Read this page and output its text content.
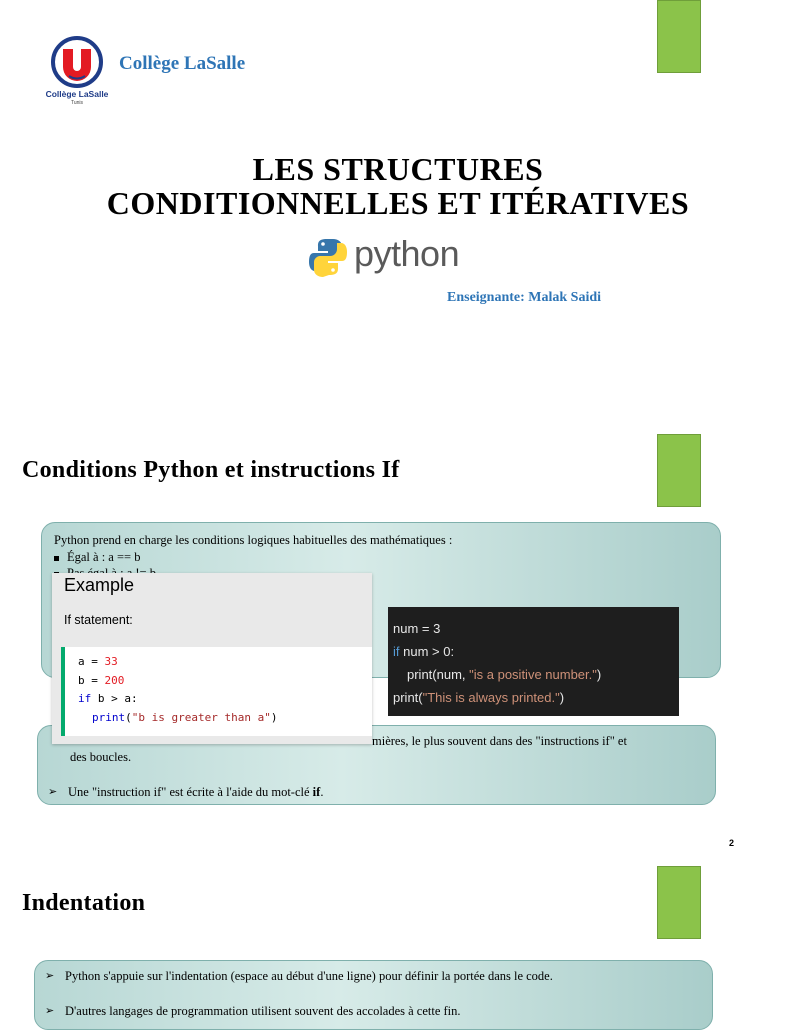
Collège LaSalle
Tunis
Collège LaSalle
LES STRUCTURES
CONDITIONNELLES ET ITÉRATIVES
python
Enseignante: Malak Saidi
Conditions Python et instructions If
Python prend en charge les conditions logiques habituelles des mathématiques :
Égal à : a == b
mières, le plus souvent dans des "instructions if" et
des boucles.
➢ Une "instruction if" est écrite à l'aide du mot-clé if.
Example
If statement:
a = 33
b = 200
if b > a:
print("b is greater than a")
num = 3
if num > 0:
print(num, "is a positive number.")
print("This is always printed.")
2
Indentation
➢ Python s'appuie sur l'indentation (espace au début d'une ligne) pour définir la portée dans le code.
➢ D'autres langages de programmation utilisent souvent des accolades à cette fin.
